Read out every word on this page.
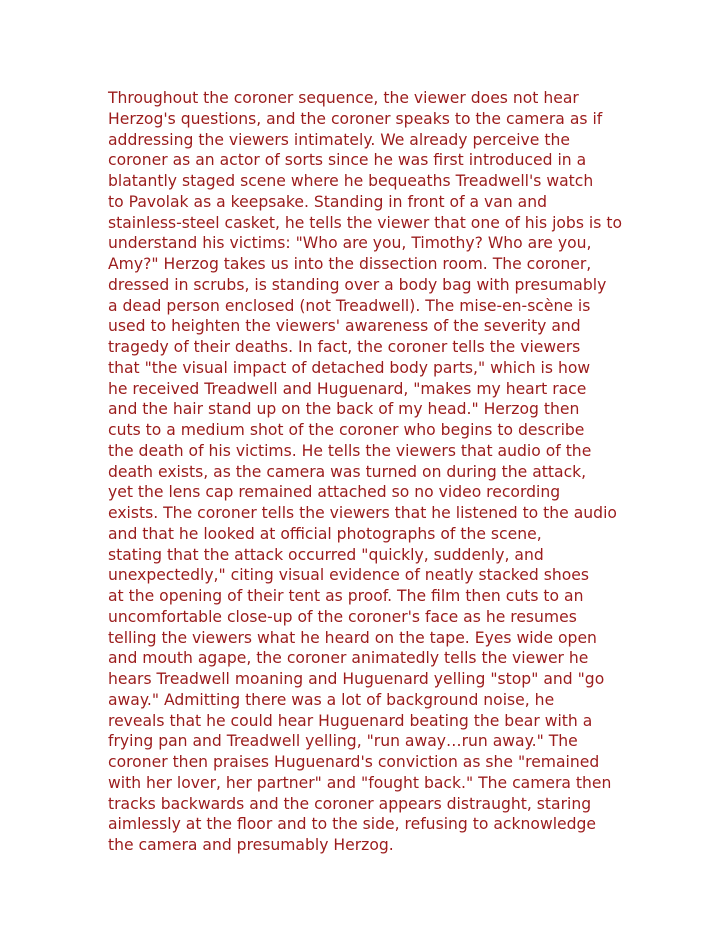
Throughout the coroner sequence, the viewer does not hear
Herzog's questions, and the coroner speaks to the camera as if
addressing the viewers intimately. We already perceive the
coroner as an actor of sorts since he was first introduced in a
blatantly staged scene where he bequeaths Treadwell's watch
to Pavolak as a keepsake. Standing in front of a van and
stainless-steel casket, he tells the viewer that one of his jobs is to
understand his victims: "Who are you, Timothy? Who are you,
Amy?" Herzog takes us into the dissection room. The coroner,
dressed in scrubs, is standing over a body bag with presumably
a dead person enclosed (not Treadwell). The mise-en-scène is
used to heighten the viewers' awareness of the severity and
tragedy of their deaths. In fact, the coroner tells the viewers
that "the visual impact of detached body parts," which is how
he received Treadwell and Huguenard, "makes my heart race
and the hair stand up on the back of my head." Herzog then
cuts to a medium shot of the coroner who begins to describe
the death of his victims. He tells the viewers that audio of the
death exists, as the camera was turned on during the attack,
yet the lens cap remained attached so no video recording
exists. The coroner tells the viewers that he listened to the audio
and that he looked at official photographs of the scene,
stating that the attack occurred "quickly, suddenly, and
unexpectedly," citing visual evidence of neatly stacked shoes
at the opening of their tent as proof. The film then cuts to an
uncomfortable close-up of the coroner's face as he resumes
telling the viewers what he heard on the tape. Eyes wide open
and mouth agape, the coroner animatedly tells the viewer he
hears Treadwell moaning and Huguenard yelling "stop" and "go
away." Admitting there was a lot of background noise, he
reveals that he could hear Huguenard beating the bear with a
frying pan and Treadwell yelling, "run away…run away." The
coroner then praises Huguenard's conviction as she "remained
with her lover, her partner" and "fought back." The camera then
tracks backwards and the coroner appears distraught, staring
aimlessly at the floor and to the side, refusing to acknowledge
the camera and presumably Herzog.
